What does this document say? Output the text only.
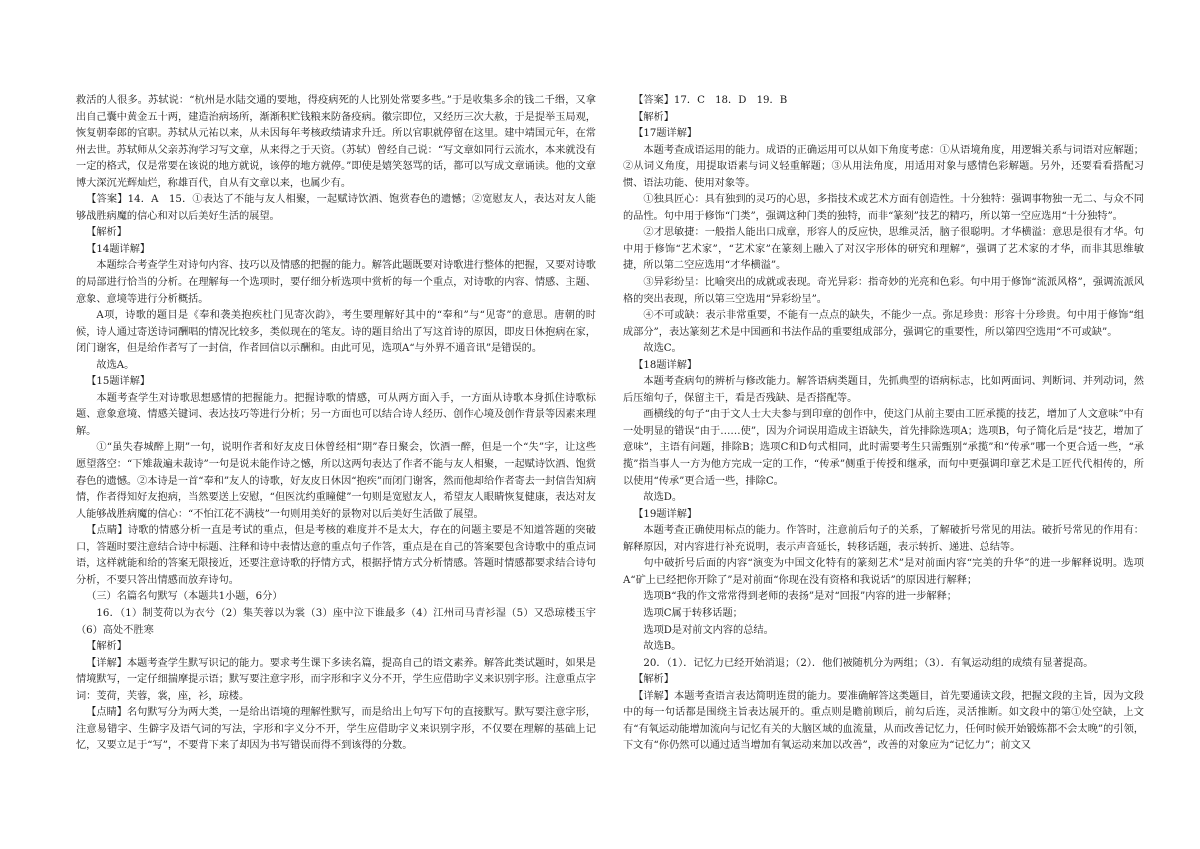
救活的人很多。苏轼说：“杭州是水陆交通的要地，得疫病死的人比别处常要多些。”于是收集多余的钱二千缗，又拿出自己囊中黄金五十两，建造治病场所，渐渐积贮钱粮来防备疫病。徽宗即位，又经历三次大赦，于是提举玉局观，恢复朝奉郎的官职。苏轼从元祐以来，从未因每年考核政绩请求升迁。所以官职就停留在这里。建中靖国元年，在常州去世。苏轼师从父亲苏洵学习写文章，从来得之于天资。（苏轼）曾经自己说：“写文章如同行云流水，本来就没有一定的格式，仅是常要在该说的地方就说，该停的地方就停。”即使是嬉笑怒骂的话，都可以写成文章诵读。他的文章博大深沉光辉灿烂，称雄百代，自从有文章以来，也属少有。

【答案】14．A　15．①表达了不能与友人相聚，一起赋诗饮酒、饱赏春色的遗憾；②宽慰友人，表达对友人能够战胜病魔的信心和对以后美好生活的展望。

【解析】

【14题详解】

本题综合考查学生对诗句内容、技巧以及情感的把握的能力。解答此题既要对诗歌进行整体的把握，又要对诗歌的局部进行恰当的分析。在理解每一个选项时，要仔细分析选项中赏析的每一个重点，对诗歌的内容、情感、主题、意象、意境等进行分析概括。

A项，诗歌的题目是《奉和袭美抱疾杜门见寄次韵》，考生要理解好其中的“奉和”与“见寄”的意思。唐朝的时候，诗人通过寄送诗词酬唱的情况比较多，类似现在的笔友。诗的题目给出了写这首诗的原因，即皮日休抱病在家，闭门谢客，但是给作者写了一封信，作者回信以示酬和。由此可见，选项A“与外界不通音讯”是错误的。

故选A。

【15题详解】

本题考查学生对诗歌思想感情的把握能力。把握诗歌的情感，可从两方面入手，一方面从诗歌本身抓住诗歌标题、意象意境、情感关键词、表达技巧等进行分析；另一方面也可以结合诗人经历、创作心境及创作背景等因素来理解。

①“虽失春城醉上期”一句，说明作者和好友皮日休曾经相“期”春日聚会，饮酒一醉，但是一个“失”字，让这些愿望落空：“下雉裁遍未裁诗”一句是说未能作诗之憾，所以这两句表达了作者不能与友人相聚，一起赋诗饮酒、饱赏春色的遗憾。②本诗是一首“奉和”友人的诗歌，好友皮日休因“抱疾”而闭门谢客，然而他却给作者寄去一封信告知病情，作者得知好友抱病，当然要送上安慰，“但医沈约重瞳健”一句则是宽慰友人，希望友人眼睛恢复健康，表达对友人能够战胜病魔的信心：“不怕江花不满枝”一句则用美好的景物对以后美好生活做了展望。

【点睛】诗歌的情感分析一直是考试的重点，但是考核的难度并不是太大，存在的问题主要是不知道答题的突破口，答题时要注意结合诗中标题、注释和诗中表情达意的重点句子作答，重点是在自己的答案要包含诗歌中的重点词语，这样就能和给的答案无限接近，还要注意诗歌的抒情方式，根据抒情方式分析情感。答题时情感都要求结合诗句分析，不要只答出情感而放弃诗句。

（三）名篇名句默写（本题共1小题，6分）

16．（1）制芰荷以为衣兮（2）集芙蓉以为裳（3）座中泣下谁最多（4）江州司马青衫湿（5）又恐琼楼玉宇（6）高处不胜寒

【解析】

【详解】本题考查学生默写识记的能力。要求考生课下多读名篇，提高自己的语文素养。解答此类试题时，如果是情境默写，一定仔细揣摩提示语；默写要注意字形，而字形和字义分不开，学生应借助字义来识别字形。注意重点字词：芰荷，芙蓉，裳，座，衫，琼楼。

【点睛】名句默写分为两大类，一是给出语境的理解性默写，而是给出上句写下句的直接默写。默写要注意字形，注意易错字、生僻字及语气词的写法，字形和字义分不开，学生应借助字义来识别字形，不仅要在理解的基础上记忆，又要立足于“写”，不要背下来了却因为书写错误而得不到该得的分数。

【答案】17．C　18．D　19．B

【解析】

【17题详解】

本题考查成语运用的能力。成语的正确运用可以从如下角度考虑：①从语境角度，用逻辑关系与词语对应解题；②从词义角度，用提取语素与词义轻重解题；③从用法角度，用适用对象与感情色彩解题。另外，还要看看搭配习惯、语法功能、使用对象等。

①独具匠心：具有独到的灵巧的心思，多指技术或艺术方面有创造性。十分独特：强调事物独一无二、与众不同的品性。句中用于修饰“门类”，强调这种门类的独特，而非“篆刻”技艺的精巧，所以第一空应选用“十分独特”。

②才思敏捷：一般指人能出口成章，形容人的反应快，思维灵活，脑子很聪明。才华横溢：意思是很有才华。句中用于修饰“艺术家”，“艺术家”在篆刻上融入了对汉字形体的研究和理解”，强调了艺术家的才华，而非其思维敏捷，所以第二空应选用“才华横溢”。

③异彩纷呈：比喻突出的成就或表现。奇光异彩：指奇妙的光亮和色彩。句中用于修饰“流派风格”，强调流派风格的突出表现，所以第三空选用“异彩纷呈”。

④不可或缺：表示非常重要，不能有一点点的缺失，不能少一点。弥足珍贵：形容十分珍贵。句中用于修饰“组成部分”，表达篆刻艺术是中国画和书法作品的重要组成部分，强调它的重要性，所以第四空选用“不可或缺”。

故选C。

【18题详解】

本题考查病句的辨析与修改能力。解答语病类题目，先抓典型的语病标志，比如两面词、判断词、并列动词，然后压缩句子，保留主干，看是否残缺、是否搭配等。

画横线的句子“由于文人士大夫参与到印章的创作中，使这门从前主要由工匠承揽的技艺，增加了人文意味”中有一处明显的错误“由于……使”，因为介词误用造成主语缺失，首先排除选项A；选项B，句子简化后是“技艺，增加了意味”，主语有问题，排除B；选项C和D句式相同，此时需要考生只需甄别“承揽”和“传承”哪一个更合适一些，“承揽”指当事人一方为他方完成一定的工作，“传承”侧重于传授和继承，而句中更强调印章艺术是工匠代代相传的，所以使用“传承”更合适一些，排除C。

故选D。

【19题详解】

本题考查正确使用标点的能力。作答时，注意前后句子的关系，了解破折号常见的用法。破折号常见的作用有：解释原因，对内容进行补充说明，表示声音延长，转移话题，表示转折、递进、总结等。

句中破折号后面的内容“演变为中国文化特有的篆刻艺术”是对前面内容“完美的升华”的进一步解释说明。选项A“矿上已经把你开除了”是对前面“你现在没有资格和我说话”的原因进行解释；

选项B“我的作文常常得到老师的表扬”是对“回报”内容的进一步解释；

选项C属于转移话题；

选项D是对前文内容的总结。

故选B。

20．（1）．记忆力已经开始消退；（2）．他们被随机分为两组；（3）．有氧运动组的成绩有显著提高。

【解析】

【详解】本题考查语言表达简明连贯的能力。要准确解答这类题目，首先要通读文段，把握文段的主旨，因为文段中的每一句话都是围绕主旨表达展开的。重点则是瞻前顾后，前勾后连，灵活推断。如文段中的第①处空缺，上文有“有氧运动能增加流向与记忆有关的大脑区域的血流量，从而改善记忆力，任何时候开始锻炼都不会太晚”的引领，下文有“你仍然可以通过适当增加有氧运动来加以改善”，改善的对象应为“记忆力”；前文又
